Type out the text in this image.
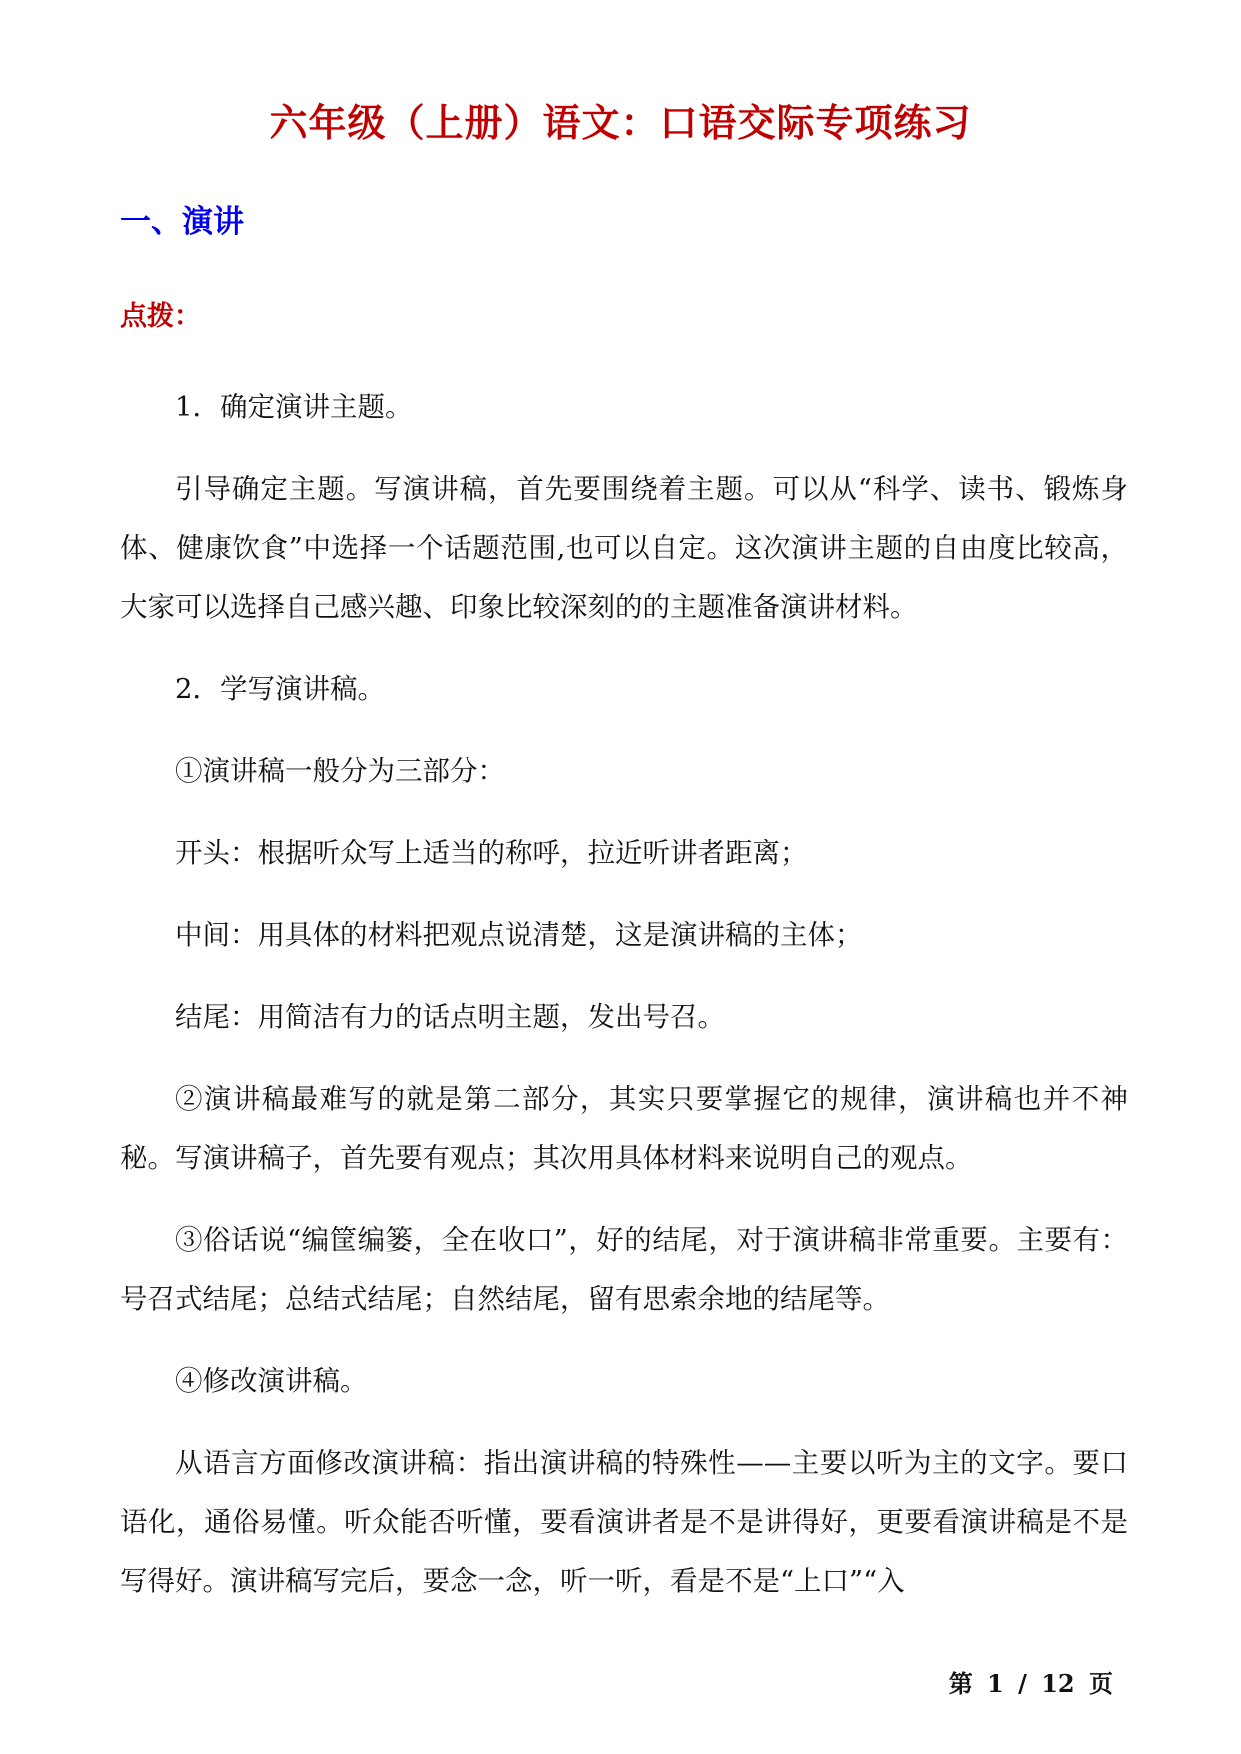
六年级（上册）语文：口语交际专项练习
一、演讲
点拨：

1．确定演讲主题。

引导确定主题。写演讲稿，首先要围绕着主题。可以从“科学、读书、锻炼身体、健康饮食”中选择一个话题范围,也可以自定。这次演讲主题的自由度比较高，大家可以选择自己感兴趣、印象比较深刻的的主题准备演讲材料。

2．学写演讲稿。

①演讲稿一般分为三部分：

开头：根据听众写上适当的称呼，拉近听讲者距离；

中间：用具体的材料把观点说清楚，这是演讲稿的主体；

结尾：用简洁有力的话点明主题，发出号召。

②演讲稿最难写的就是第二部分，其实只要掌握它的规律，演讲稿也并不神秘。写演讲稿子，首先要有观点；其次用具体材料来说明自己的观点。

③俗话说“编筐编篓，全在收口”，好的结尾，对于演讲稿非常重要。主要有：号召式结尾；总结式结尾；自然结尾，留有思索余地的结尾等。

④修改演讲稿。

从语言方面修改演讲稿：指出演讲稿的特殊性——主要以听为主的文字。要口语化，通俗易懂。听众能否听懂，要看演讲者是不是讲得好，更要看演讲稿是不是写得好。演讲稿写完后，要念一念，听一听，看是不是“上口”“入

第 1 / 12 页
